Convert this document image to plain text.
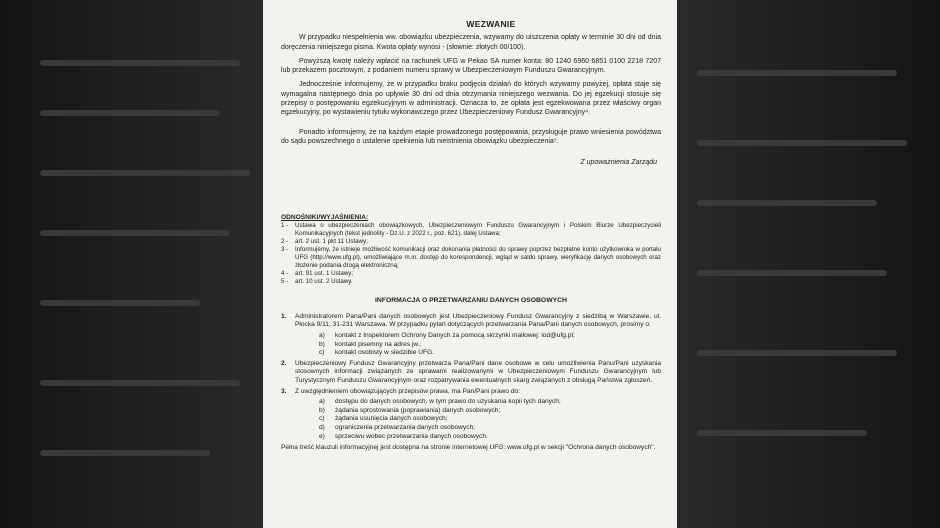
WEZWANIE

W przypadku niespełnienia ww. obowiązku ubezpieczenia, wzywamy do uiszczenia opłaty w terminie 30 dni od dnia doręczenia niniejszego pisma. Kwota opłaty wynosi - (słownie: złotych 00/100).

Powyższą kwotę należy wpłacić na rachunek UFG w Pekao SA numer konta: 80 1240 6960 6851 0100 2218 7207 lub przekazem pocztowym, z podaniem numeru sprawy w Ubezpieczeniowym Funduszu Gwarancyjnym.

Jednocześnie informujemy, że w przypadku braku podjęcia działań do których wzywamy powyżej, opłata staje się wymagalna następnego dnia po upływie 30 dni od dnia otrzymania niniejszego wezwania. Do jej egzekucji stosuje się przepisy o postępowaniu egzekucyjnym w administracji. Oznacza to, że opłata jest egzekwowana przez właściwy organ egzekucyjny, po wystawieniu tytułu wykonawczego przez Ubezpieczeniowy Fundusz Gwarancyjny⁴.

Ponadto informujemy, że na każdym etapie prowadzonego postępowania, przysługuje prawo wniesienia powództwa do sądu powszechnego o ustalenie spełnienia lub nieistnienia obowiązku ubezpieczenia⁵.

Z upoważnienia Zarządu
ODNOŚNIKI/WYJAŚNIENIA:
1 -	Ustawa o ubezpieczeniach obowiązkowych, Ubezpieczeniowym Funduszu Gwarancyjnym i Polskim Biurze Ubezpieczycieli Komunikacyjnych (tekst jednolity - Dz.U. z 2022 r., poz. 621), dalej Ustawa;
2 -	art. 2 ust. 1 pkt 11 Ustawy;
3 -	Informujemy, że istnieje możliwość komunikacji oraz dokonania płatności do sprawy poprzez bezpłatne konto użytkownika w portalu UFG (http://www.ufg.pl), umożliwiające m.in. dostęp do korespondencji, wgląd w saldo sprawy, weryfikację danych osobowych oraz złożenie podania drogą elektroniczną;
4 -	art. 91 ust. 1 Ustawy;
5 -	art. 10 ust. 2 Ustawy.
INFORMACJA O PRZETWARZANIU DANYCH OSOBOWYCH
1.	Administratorem Pana/Pani danych osobowych jest Ubezpieczeniowy Fundusz Gwarancyjny z siedzibą w Warszawie, ul. Płocka 9/11, 31-231 Warszawa. W przypadku pytań dotyczących przetwarzania Pana/Pani danych osobowych, prosimy o:
a)	kontakt z Inspektorem Ochrony Danych za pomocą skrzynki mailowej: iod@ufg.pl;
b)	kontakt pisemny na adres jw.;
c)	kontakt osobisty w siedzibie UFG.
2.	Ubezpieczeniowy Fundusz Gwarancyjny przetwarza Pana/Pani dane osobowe w celu umożliwienia Panu/Pani uzyskania stosownych informacji związanych ze sprawami realizowanymi w Ubezpieczeniowym Funduszu Gwarancyjnym lub Turystycznym Funduszu Gwarancyjnym oraz rozpatrywania ewentualnych skarg związanych z obsługą Państwa zgłoszeń.
3.	Z uwzględnieniem obowiązujących przepisów prawa, ma Pan/Pani prawo do:
a)	dostępu do danych osobowych, w tym prawo do uzyskania kopii tych danych;
b)	żądania sprostowania (poprawiania) danych osobowych;
c)	żądania usunięcia danych osobowych;
d)	ograniczenia przetwarzania danych osobowych;
e)	sprzeciwu wobec przetwarzania danych osobowych.
Pełna treść klauzuli informacyjnej jest dostępna na stronie internetowej UFG: www.ufg.pl w sekcji "Ochrona danych osobowych".
